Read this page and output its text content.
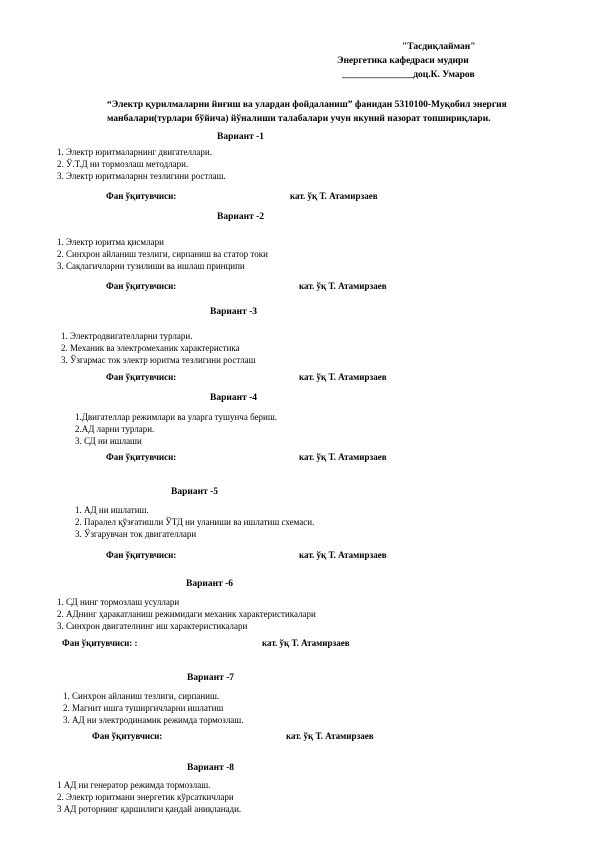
"Тасдиқлайман"
Энергетика кафедраси мудири
_______________доц.К. Умаров
“Электр қурилмаларни йиғиш ва улардан фойдаланиш” фанидан 5310100-Муқобил энергия
манбалари(турлари бўйича) йўналиши талабалари учун якуний назорат топшириқлари.
Вариант -1
1. Электр юритмаларнинг двигателлари.
2. Ў.Т.Д ни тормозлаш методлари.
3. Электр юритмаларнн тезлигини ростлаш.
Фан ўқитувчиси:	кат. ўқ Т. Атамирзаев
Вариант -2
1. Электр юритма қисмлари
2. Синхрон айланиш тезлиги, сирпаниш ва статор токи
3. Сақлагичларни тузилиши ва ишлаш принципи
Фан ўқитувчиси:	кат. ўқ Т. Атамирзаев
Вариант -3
1. Электродвигателларни турлари.
2. Механик ва электромеханик характеристика
3. Ўзгармас ток электр юритма тезлигини ростлаш
Фан ўқитувчиси:	кат. ўқ Т. Атамирзаев
Вариант -4
1.Двигателлар режимлари ва уларга тушунча бериш.
2.АД ларни турлари.
3. СД ни ишлаши
Фан ўқитувчиси:	кат. ўқ Т. Атамирзаев
Вариант -5
1. АД ни ишлатиш.
2. Паралел қўзғатишли ЎТД ни уланиши ва ишлатиш схемаси.
3. Ўзгарувчан ток двигателлари
Фан ўқитувчиси:	кат. ўқ Т. Атамирзаев
Вариант -6
1. СД нинг тормозлаш усуллари
2. АДнинг ҳаракатланиш режимидаги механик характеристикалари
3. Синхрон двигателнинг иш характеристикалари
Фан ўқитувчиси: :	кат. ўқ Т. Атамирзаев
Вариант -7
1. Синхрон айланиш тезлиги, сирпаниш.
2. Магнит ишга туширгичларни ишлатиш
3. АД ни электродинамик режимда тормозлаш.
Фан ўқитувчиси:	кат. ўқ Т. Атамирзаев
Вариант -8
1 АД ни генератор режимда тормозлаш.
2. Электр юритмани энергетик кўрсаткичлари
3 АД роторнинг қаршилиги қандай аниқланади.
